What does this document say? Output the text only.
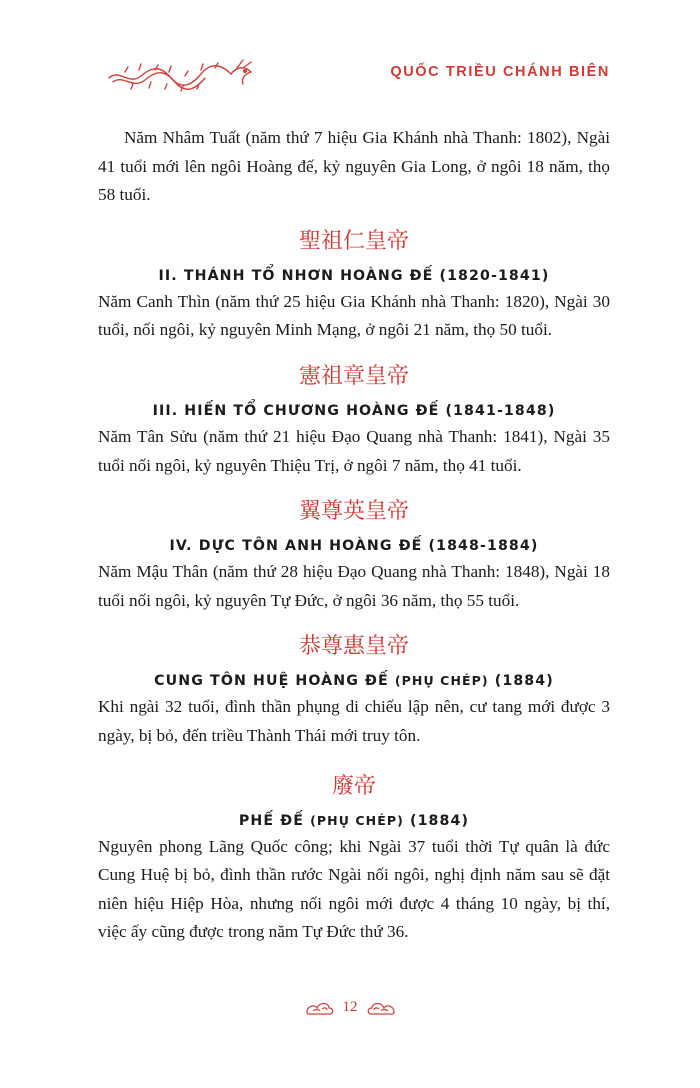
QUỐC TRIỀU CHÁNH BIÊN

Năm Nhâm Tuất (năm thứ 7 hiệu Gia Khánh nhà Thanh: 1802), Ngài 41 tuổi mới lên ngôi Hoàng đế, kỷ nguyên Gia Long, ở ngôi 18 năm, thọ 58 tuổi.

聖祖仁皇帝
II. THÁNH TỔ NHƠN HOÀNG ĐẾ (1820-1841)

Năm Canh Thìn (năm thứ 25 hiệu Gia Khánh nhà Thanh: 1820), Ngài 30 tuổi, nối ngôi, kỷ nguyên Minh Mạng, ở ngôi 21 năm, thọ 50 tuổi.

憲祖章皇帝
III. HIẾN TỔ CHƯƠNG HOÀNG ĐẾ (1841-1848)

Năm Tân Sửu (năm thứ 21 hiệu Đạo Quang nhà Thanh: 1841), Ngài 35 tuổi nối ngôi, kỷ nguyên Thiệu Trị, ở ngôi 7 năm, thọ 41 tuổi.

翼尊英皇帝
IV. DỰC TÔN ANH HOÀNG ĐẾ (1848-1884)

Năm Mậu Thân (năm thứ 28 hiệu Đạo Quang nhà Thanh: 1848), Ngài 18 tuổi nối ngôi, kỷ nguyên Tự Đức, ở ngôi 36 năm, thọ 55 tuổi.

恭尊惠皇帝
CUNG TÔN HUỆ HOÀNG ĐẾ (PHỤ CHÉP) (1884)

Khi ngài 32 tuổi, đình thần phụng di chiếu lập nên, cư tang mới được 3 ngày, bị bỏ, đến triều Thành Thái mới truy tôn.

廢帝
PHẾ ĐẾ (PHỤ CHÉP) (1884)

Nguyên phong Lãng Quốc công; khi Ngài 37 tuổi thời Tự quân là đức Cung Huệ bị bỏ, đình thần rước Ngài nối ngôi, nghị định năm sau sẽ đặt niên hiệu Hiệp Hòa, nhưng nối ngôi mới được 4 tháng 10 ngày, bị thí, việc ấy cũng được trong năm Tự Đức thứ 36.

12
